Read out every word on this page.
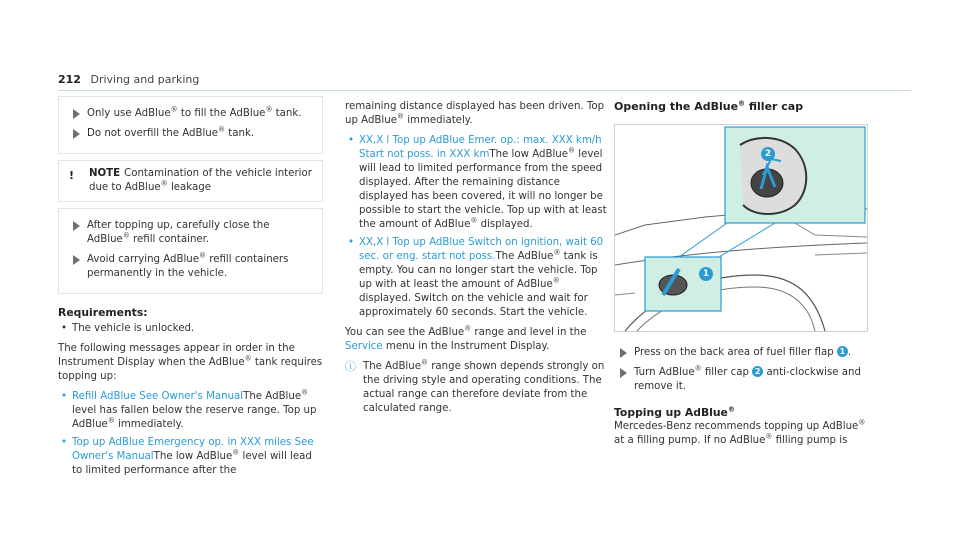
212 Driving and parking
Only use AdBlue® to fill the AdBlue® tank.
Do not overfill the AdBlue® tank.
!	NOTE Contamination of the vehicle interior due to AdBlue® leakage
After topping up, carefully close the AdBlue® refill container.
Avoid carrying AdBlue® refill containers permanently in the vehicle.
Requirements:
• The vehicle is unlocked.

The following messages appear in order in the Instrument Display when the AdBlue® tank requires topping up:

• Refill AdBlue See Owner's ManualThe AdBlue® level has fallen below the reserve range. Top up AdBlue® immediately.
• Top up AdBlue Emergency op. in XXX miles See Owner's ManualThe low AdBlue® level will lead to limited performance after the

remaining distance displayed has been driven. Top up AdBlue® immediately.

• XX,X l Top up AdBlue Emer. op.: max. XXX km/h Start not poss. in XXX kmThe low AdBlue® level will lead to limited performance from the speed displayed. After the remaining distance displayed has been covered, it will no longer be possible to start the vehicle. Top up with at least the amount of AdBlue® displayed.
• XX,X l Top up AdBlue Switch on ignition, wait 60 sec. or eng. start not poss.The AdBlue® tank is empty. You can no longer start the vehicle. Top up with at least the amount of AdBlue® displayed. Switch on the vehicle and wait for approximately 60 seconds. Start the vehicle.

You can see the AdBlue® range and level in the Service menu in the Instrument Display.

ⓘ The AdBlue® range shown depends strongly on the driving style and operating conditions. The actual range can therefore deviate from the calculated range.
Opening the AdBlue® filler cap
2
1
Press on the back area of fuel filler flap 1 .
Turn AdBlue® filler cap 2 anti-clockwise and remove it.
Topping up AdBlue®
Mercedes-Benz recommends topping up AdBlue® at a filling pump. If no AdBlue® filling pump is
